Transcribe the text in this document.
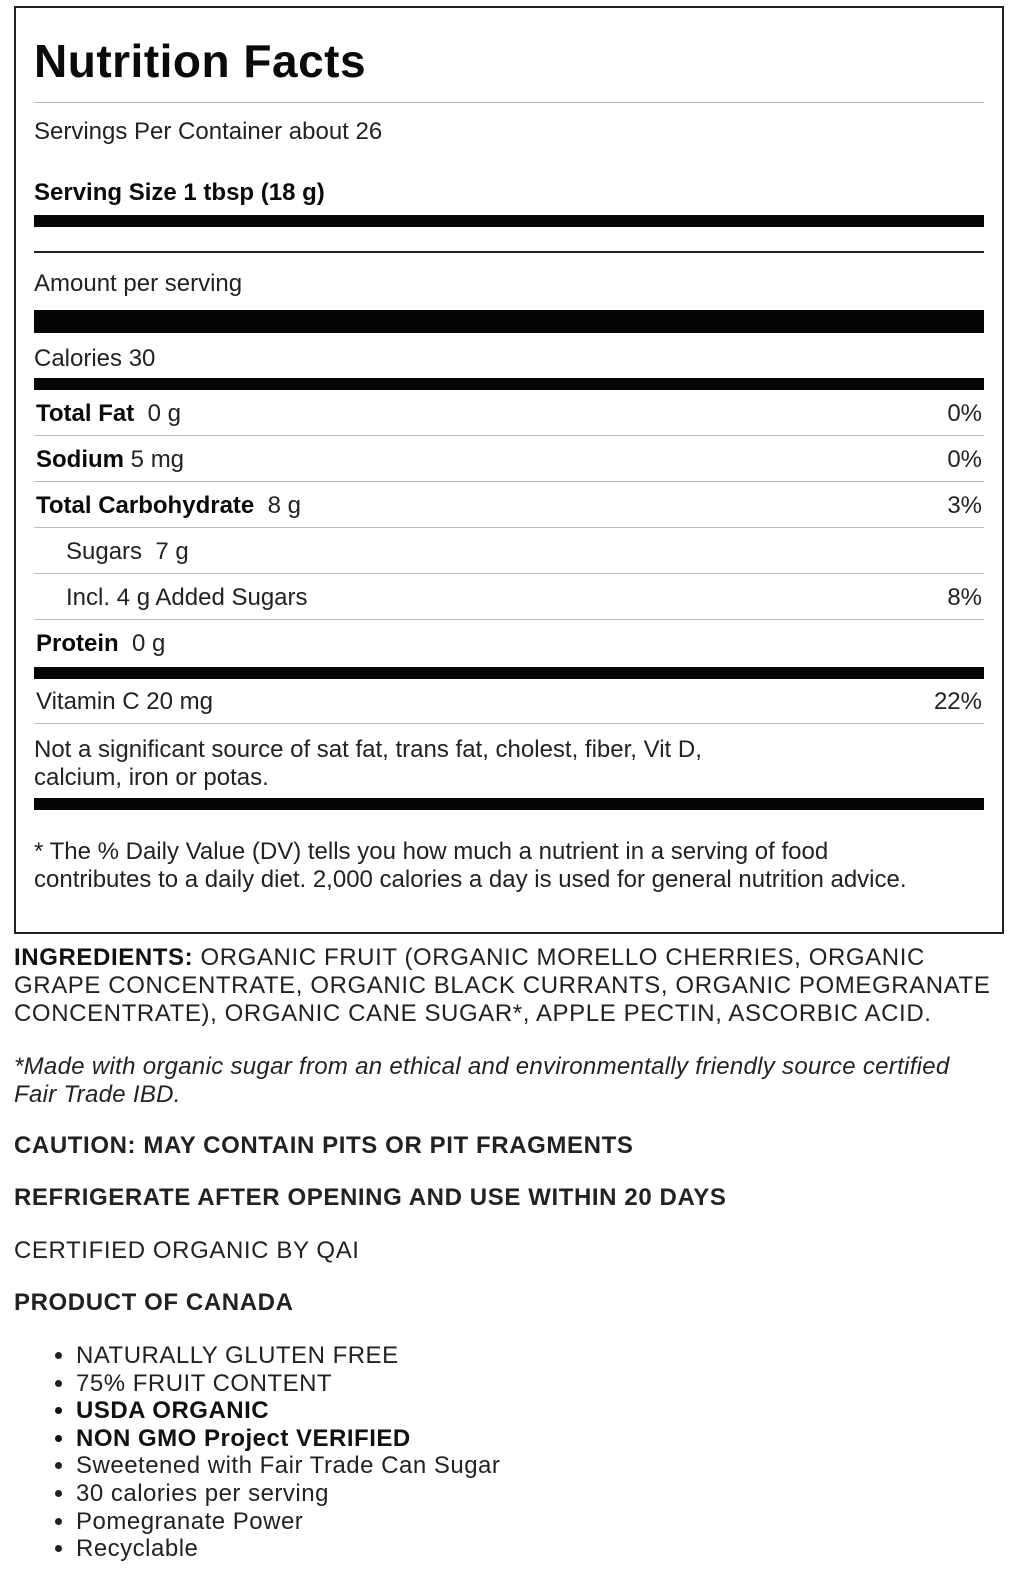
Nutrition Facts
Servings Per Container about 26
Serving Size 1 tbsp (18 g)
Amount per serving
Calories 30
Total Fat 0 g	0%
Sodium 5 mg	0%
Total Carbohydrate 8 g	3%
Sugars 7 g
Incl. 4 g Added Sugars	8%
Protein 0 g
Vitamin C 20 mg	22%
Not a significant source of sat fat, trans fat, cholest, fiber, Vit D,
calcium, iron or potas.
* The % Daily Value (DV) tells you how much a nutrient in a serving of food
contributes to a daily diet. 2,000 calories a day is used for general nutrition advice.
INGREDIENTS: ORGANIC FRUIT (ORGANIC MORELLO CHERRIES, ORGANIC
GRAPE CONCENTRATE, ORGANIC BLACK CURRANTS, ORGANIC POMEGRANATE
CONCENTRATE), ORGANIC CANE SUGAR*, APPLE PECTIN, ASCORBIC ACID.
*Made with organic sugar from an ethical and environmentally friendly source certified
Fair Trade IBD.
CAUTION: MAY CONTAIN PITS OR PIT FRAGMENTS
REFRIGERATE AFTER OPENING AND USE WITHIN 20 DAYS
CERTIFIED ORGANIC BY QAI
PRODUCT OF CANADA
• NATURALLY GLUTEN FREE
• 75% FRUIT CONTENT
• USDA ORGANIC
• NON GMO Project VERIFIED
• Sweetened with Fair Trade Can Sugar
• 30 calories per serving
• Pomegranate Power
• Recyclable
